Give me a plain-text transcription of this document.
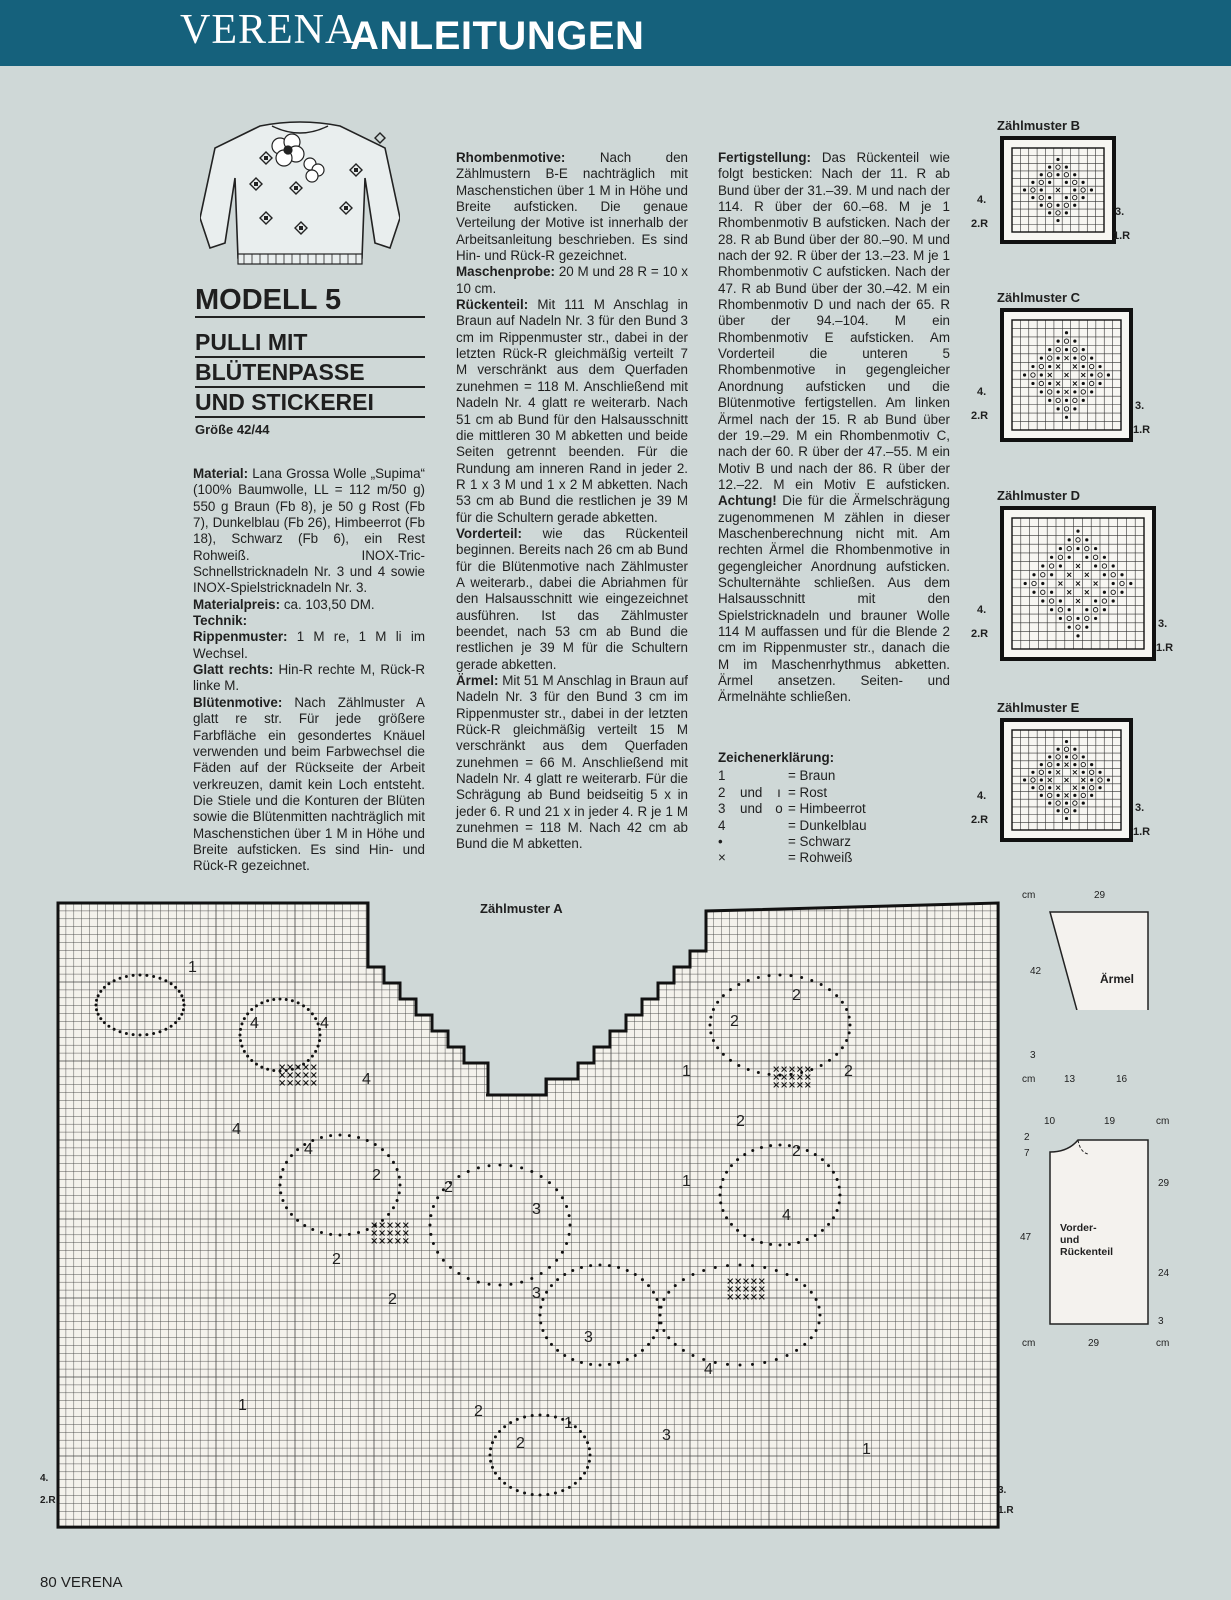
VERENA
ANLEITUNGEN
MODELL 5
PULLI MIT
BLÜTENPASSE
UND STICKEREI
Größe 42/44

Material: Lana Grossa Wolle „Supima“ (100% Baumwolle, LL = 112 m/50 g) 550 g Braun (Fb 8), je 50 g Rost (Fb 7), Dunkelblau (Fb 26), Himbeerrot (Fb 18), Schwarz (Fb 6), ein Rest Rohweiß. INOX-Tric-Schnellstricknadeln Nr. 3 und 4 sowie INOX-Spielstricknadeln Nr. 3.

Materialpreis: ca. 103,50 DM.

Technik:

Rippenmuster: 1 M re, 1 M li im Wechsel.

Glatt rechts: Hin-R rechte M, Rück-R linke M.

Blütenmotive: Nach Zählmuster A glatt re str. Für jede größere Farbfläche ein gesondertes Knäuel verwenden und beim Farbwechsel die Fäden auf der Rückseite der Arbeit verkreuzen, damit kein Loch entsteht. Die Stiele und die Konturen der Blüten sowie die Blütenmitten nachträglich mit Maschenstichen über 1 M in Höhe und Breite aufsticken. Es sind Hin- und Rück-R gezeichnet.

Rhombenmotive:	Nach den Zählmustern B-E nachträglich mit Maschenstichen über 1 M in Höhe und Breite aufsticken. Die genaue Verteilung der Motive ist innerhalb der Arbeitsanleitung beschrieben. Es sind Hin- und Rück-R gezeichnet.

Maschenprobe: 20 M und 28 R = 10 x 10 cm.

Rückenteil: Mit 111 M Anschlag in Braun auf Nadeln Nr. 3 für den Bund 3 cm im Rippenmuster str., dabei in der letzten Rück-R gleichmäßig verteilt 7 M verschränkt aus dem Querfaden zunehmen = 118 M. Anschließend mit Nadeln Nr. 4 glatt re weiterarb. Nach 51 cm ab Bund für den Halsausschnitt die mittleren 30 M abketten und beide Seiten getrennt beenden. Für die Rundung am inneren Rand in jeder 2. R 1 x 3 M und 1 x 2 M abketten. Nach 53 cm ab Bund die restlichen je 39 M für die Schultern gerade abketten.

Vorderteil: wie das Rückenteil beginnen. Bereits nach 26 cm ab Bund für die Blütenmotive nach Zählmuster A weiterarb., dabei die Abriahmen für den Halsausschnitt wie eingezeichnet ausführen. Ist das Zählmuster beendet, nach 53 cm ab Bund die restlichen je 39 M für die Schultern gerade abketten.

Ärmel: Mit 51 M Anschlag in Braun auf Nadeln Nr. 3 für den Bund 3 cm im Rippenmuster str., dabei in der letzten Rück-R gleichmäßig verteilt 15 M verschränkt aus dem Querfaden zunehmen = 66 M. Anschließend mit Nadeln Nr. 4 glatt re weiterarb. Für die Schrägung ab Bund beidseitig 5 x in jeder 6. R und 21 x in jeder 4. R je 1 M zunehmen = 118 M. Nach 42 cm ab Bund die M abketten.

Fertigstellung: Das Rückenteil wie folgt besticken: Nach der 11. R ab Bund über der 31.–39. M und nach der 114. R über der 60.–68. M je 1 Rhombenmotiv B aufsticken. Nach der 28. R ab Bund über der 80.–90. M und nach der 92. R über der 13.–23. M je 1 Rhombenmotiv C aufsticken. Nach der 47. R ab Bund über der 30.–42. M ein Rhombenmotiv D und nach der 65. R über der 94.–104. M ein Rhombenmotiv E aufsticken. Am Vorderteil die unteren 5 Rhombenmotive in gegengleicher Anordnung aufsticken und die Blütenmotive fertigstellen. Am linken Ärmel nach der 15. R ab Bund über der 19.–29. M ein Rhombenmotiv C, nach der 60. R über der 47.–55. M ein Motiv B und nach der 86. R über der 12.–22. M ein Motiv E aufsticken. Achtung! Die für die Ärmelschrägung zugenommenen M zählen in dieser Maschenberechnung nicht mit. Am rechten Ärmel die Rhombenmotive in gegengleicher Anordnung aufsticken. Schulternähte schließen. Aus dem Halsausschnitt mit den Spielstricknadeln und brauner Wolle 114 M auffassen und für die Blende 2 cm im Rippenmuster str., danach die M im Maschenrhythmus abketten. Ärmel ansetzen. Seiten- und Ärmelnähte schließen.

Zeichenerklärung:
1	= Braun
2	und	ı = Rost
3	und o = Himbeerrot
4	= Dunkelblau
•	= Schwarz
×	= Rohweiß
Zählmuster B
4.
2.R
3.
1.R
Zählmuster C
4.
2.R
3.
1.R
Zählmuster D
4.
2.R
3.
1.R
Zählmuster E
4.
2.R
3.
1.R
Zählmuster A
4.
2.R
3.
1.R
1
4	4
4
4
4
2
2
3
2
2	3
3
1	2
1
2	3
4
1
2
2
1	2
2
2
1
4
cm	29
42
Ärmel
3
cm	13	16
10	19	cm
2
7
29
47
Vorder-
und
Rückenteil
24
3
cm	29	cm
80 VERENA
